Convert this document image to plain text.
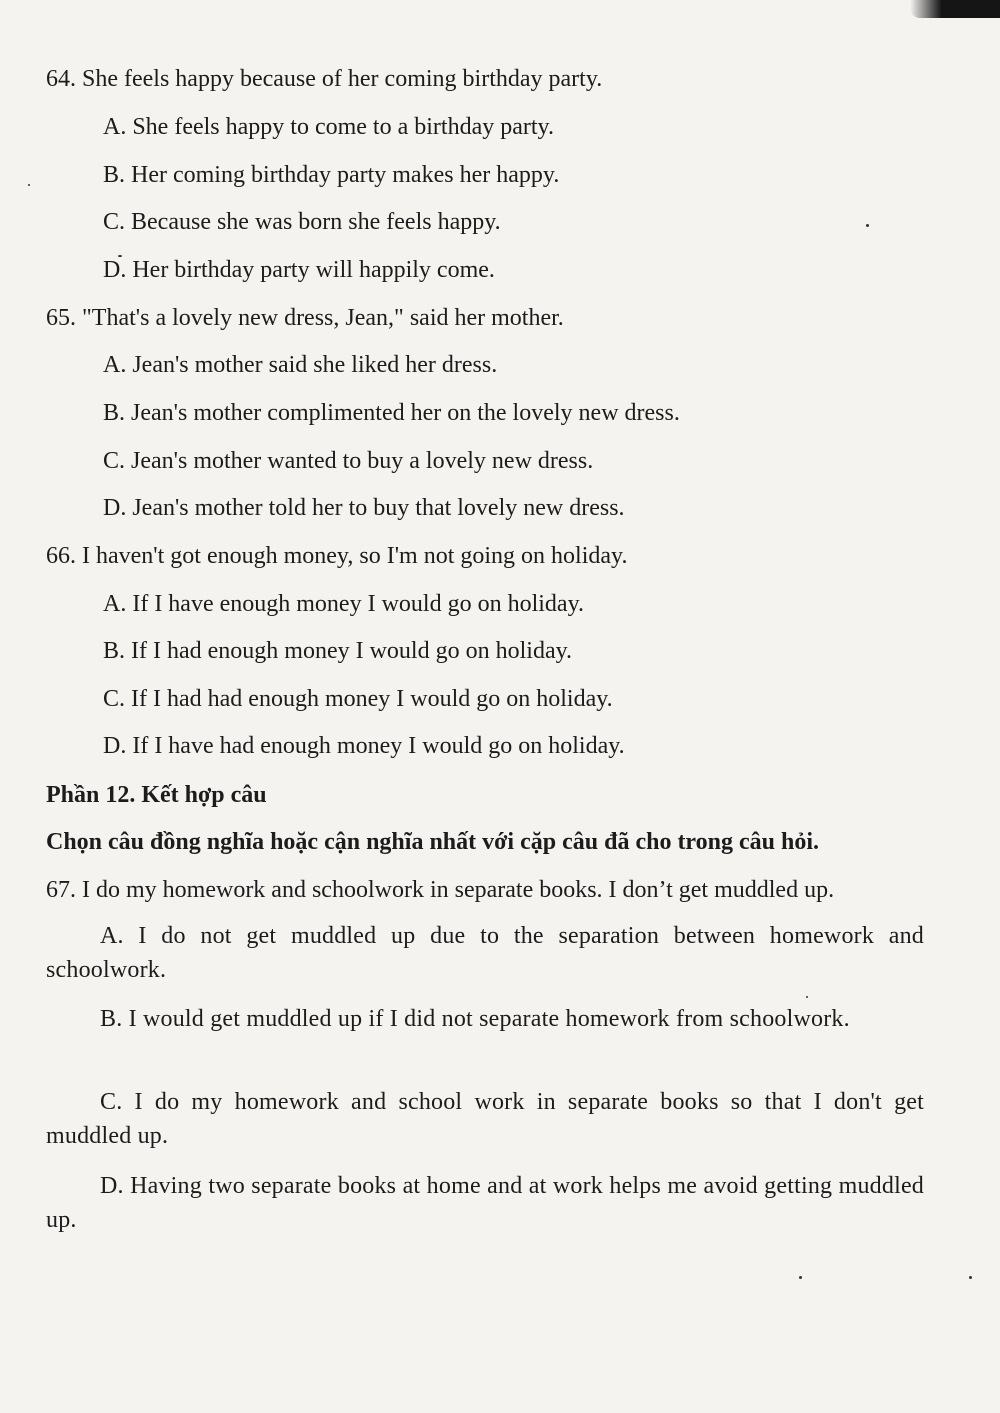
64. She feels happy because of her coming birthday party.
A. She feels happy to come to a birthday party.
B. Her coming birthday party makes her happy.
C. Because she was born she feels happy.
D. Her birthday party will happily come.
65. "That's a lovely new dress, Jean," said her mother.
A. Jean's mother said she liked her dress.
B. Jean's mother complimented her on the lovely new dress.
C. Jean's mother wanted to buy a lovely new dress.
D. Jean's mother told her to buy that lovely new dress.
66. I haven't got enough money, so I'm not going on holiday.
A. If I have enough money I would go on holiday.
B. If I had enough money I would go on holiday.
C. If I had had enough money I would go on holiday.
D. If I have had enough money I would go on holiday.
Phần 12. Kết hợp câu
Chọn câu đồng nghĩa hoặc cận nghĩa nhất với cặp câu đã cho trong câu hỏi.
67. I do my homework and schoolwork in separate books. I don’t get muddled up.
A. I do not get muddled up due to the separation between homework and schoolwork.
B. I would get muddled up if I did not separate homework from schoolwork.
C. I do my homework and school work in separate books so that I don't get muddled up.
D. Having two separate books at home and at work helps me avoid getting muddled up.
